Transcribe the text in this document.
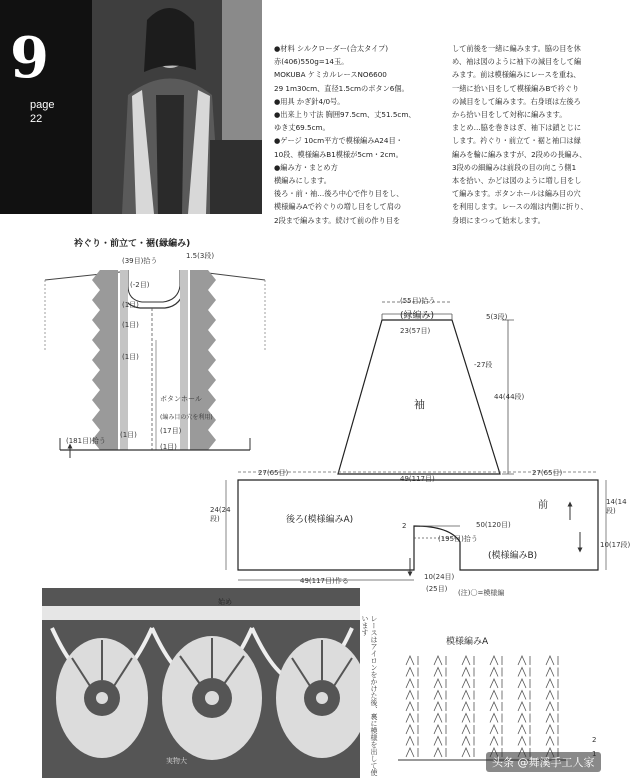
9
page
22
●材料 シルクローダー(合太タイプ)
赤(406)550g=14玉。
MOKUBA ケミカルレースNO6600
29 1m30cm、直径1.5cmのボタン6個。
●用具 かぎ針4/0号。
●出来上り寸法 胸囲97.5cm、丈51.5cm、
ゆき丈69.5cm。
●ゲージ 10cm平方で模様編みA24目・
10段、模様編みB1模様が5cm・2cm。
●編み方・まとめ方
横編みにします。
後ろ・前・袖…後ろ中心で作り目をし、
模様編みAで衿ぐりの増し目をして肩の
2段まで編みます。続けて前の作り目を
して前後を一緒に編みます。脇の目を休
め、袖は図のように袖下の減目をして編
みます。前は模様編みにレースを重ね、
一緒に拾い目をして模様編みBで衿ぐり
の減目をして編みます。右身頃は左後ろ
から拾い目をして対称に編みます。
まとめ…脇を巻きはぎ、袖下は鎖とじに
します。衿ぐり・前立て・裾と袖口は縁
編みを輪に編みますが、2段めの長編み、
3段めの細編みは前段の目の向こう側1
本を拾い、かどは図のように増し目をし
て編みます。ボタンホールは編み目の穴
を利用します。レースの端は内側に折り、
身頃にまつって始末します。
衿ぐり・前立て・裾(縁編み)
(39目)拾う
1.5(3段)
(-2目)
(1目)
(1目)
(1目)
ボタンホール
(編み目の穴を利用)
(17目)
(1目)
(1目)
(181目)拾う
(55目)拾う
(縁編み)
23(57目)
5(3段)
-27段
44(44段)
袖
27(65目)
49(117目)
27(65目)
後ろ(模様編みA)
前
(模様編みB)
24(24段)
14(14段)
10(17段)
50(120目)
(195目)拾う
49(117目)作る	10(24目)
(25目)
2
(注)〇=模様編
始め
実物大	レースはアイロンをかけた後、裏に模様を出して使います
模様編みA
2
头条 @舞溪手工人家
